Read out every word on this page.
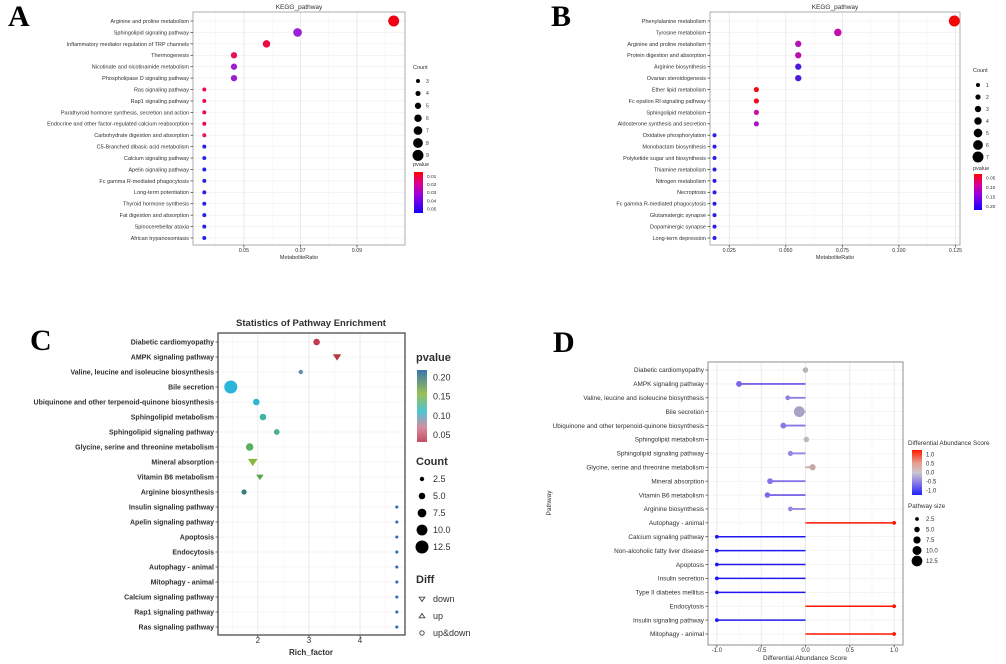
A	B
C	D
Arginine and proline metabolism
Sphingolipid signaling pathway
Inflammatory mediator regulation of TRP channels
Thermogenesis
Nicotinate and nicotinamide metabolism
Phospholipase D signaling pathway
Ras signaling pathway
Rap1 signaling pathway
Parathyroid hormone synthesis, secretion and action
Endocrine and other factor-regulated calcium reabsorption
Carbohydrate digestion and absorption
C5-Branched dibasic acid metabolism
Calcium signaling pathway
Apelin signaling pathway
Fc gamma R-mediated phagocytosis
Long-term potentiation
Thyroid hormone synthesis
Fat digestion and absorption
Spinocerebellar ataxia
African trypanosomiasis
0.05	0.07	0.09
MetaboliteRatio
KEGG_pathway
pvalue
0.01
0.02
0.03
0.04
0.05
Count
3
4
5
6
7
8
9
Phenylalanine metabolism
Tyrosine metabolism
Arginine and proline metabolism
Protein digestion and absorption
Arginine biosynthesis
Ovarian steroidogenesis
Ether lipid metabolism
Fc epsilon RI signaling pathway
Sphingolipid metabolism
Aldosterone synthesis and secretion
Oxidative phosphorylation
Monobactam biosynthesis
Polyketide sugar unit biosynthesis
Thiamine metabolism
Nitrogen metabolism
Necroptosis
Fc gamma R-mediated phagocytosis
Glutamatergic synapse
Dopaminergic synapse
Long-term depression
0.025	0.050	0.075	0.100	0.125
MetaboliteRatio
KEGG_pathway
pvalue
0.05
0.10
0.15
0.20
Count
1
2
3
4
5
6
7
Diabetic cardiomyopathy
AMPK signaling pathway
Valine, leucine and isoleucine biosynthesis
Bile secretion
Ubiquinone and other terpenoid-quinone biosynthesis
Sphingolipid metabolism
Sphingolipid signaling pathway
Glycine, serine and threonine metabolism
Mineral absorption
Vitamin B6 metabolism
Arginine biosynthesis
Insulin signaling pathway
Apelin signaling pathway
Apoptosis
Endocytosis
Autophagy - animal
Mitophagy - animal
Calcium signaling pathway
Rap1 signaling pathway
Ras signaling pathway
2	3	4
Rich_factor
Statistics of Pathway Enrichment
pvalue
0.20
0.15
0.10
0.05
Count
2.5
5.0
7.5
10.0
12.5
Diff
down
up
up&down
Diabetic cardiomyopathy
AMPK signaling pathway
Valine, leucine and isoleucine biosynthesis
Bile secretion
Ubiquinone and other terpenoid-quinone biosynthesis
Sphingolipid metabolism
Sphingolipid signaling pathway
Glycine, serine and threonine metabolism
Mineral absorption
Vitamin B6 metabolism
Arginine biosynthesis
Autophagy - animal
Calcium signaling pathway
Non-alcoholic fatty liver disease
Apoptosis
Insulin secretion
Type II diabetes mellitus
Endocytosis
Insulin signaling pathway
Mitophagy - animal
-1.0	-0.5	0.0	0.5	1.0
Differential Abundance Score
Pathway
Differential Abundance Score
1.0
0.5
0.0
-0.5
-1.0
Pathway size
2.5
5.0
7.5
10.0
12.5
